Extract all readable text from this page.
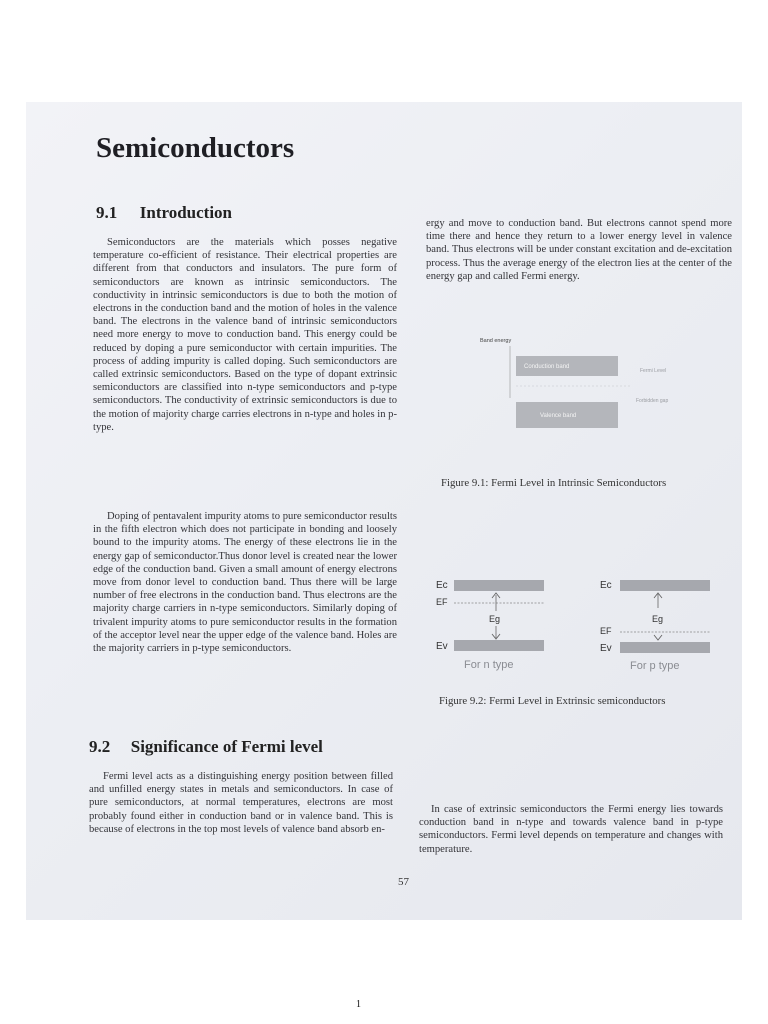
Semiconductors
9.1 Introduction

Semiconductors are the materials which posses negative temperature co-efficient of resistance. Their electrical properties are different from that conductors and insulators. The pure form of semiconductors are known as intrinsic semiconductors. The conductivity in intrinsic semiconductors is due to both the motion of electrons in the conduction band and the motion of holes in the valence band. The electrons in the valence band of intrinsic semiconductors need more energy to move to conduction band. This energy could be reduced by doping a pure semiconductor with certain impurities. The process of adding impurity is called doping. Such semiconductors are called extrinsic semiconductors. Based on the type of dopant extrinsic semiconductors are classified into n-type semiconductors and p-type semiconductors. The conductivity of extrinsic semiconductors is due to the motion of majority charge carries electrons in n-type and holes in p-type.

Doping of pentavalent impurity atoms to pure semiconductor results in the fifth electron which does not participate in bonding and loosely bound to the impurity atoms. The energy of these electrons lie in the energy gap of semiconductor.Thus donor level is created near the lower edge of the conduction band. Given a small amount of energy electrons move from donor level to conduction band. Thus there will be large number of free electrons in the conduction band. Thus electrons are the majority charge carriers in n-type semiconductors. Similarly doping of trivalent impurity atoms to pure semiconductor results in the formation of the acceptor level near the upper edge of the valence band. Holes are the majority carriers in p-type semiconductors.

9.2 Significance of Fermi level

Fermi level acts as a distinguishing energy position between filled and unfilled energy states in metals and semiconductors. In case of pure semiconductors, at normal temperatures, electrons are most probably found either in conduction band or in valence band. This is because of electrons in the top most levels of valence band absorb en-

ergy and move to conduction band. But electrons cannot spend more time there and hence they return to a lower energy level in valence band. Thus electrons will be under constant excitation and de-excitation process. Thus the average energy of the electron lies at the center of the energy gap and called Fermi energy.

Band energy
Conduction band
Fermi Level
Forbidden gap
Valence band
Figure 9.1: Fermi Level in Intrinsic Semiconductors
Ec
EF
Eg
Ev
For n type
Ec
Eg
EF
Ev
For p type
Figure 9.2: Fermi Level in Extrinsic semiconductors

In case of extrinsic semiconductors the Fermi energy lies towards conduction band in n-type and towards valence band in p-type semiconductors. Fermi level depends on temperature and changes with temperature.

57
1
